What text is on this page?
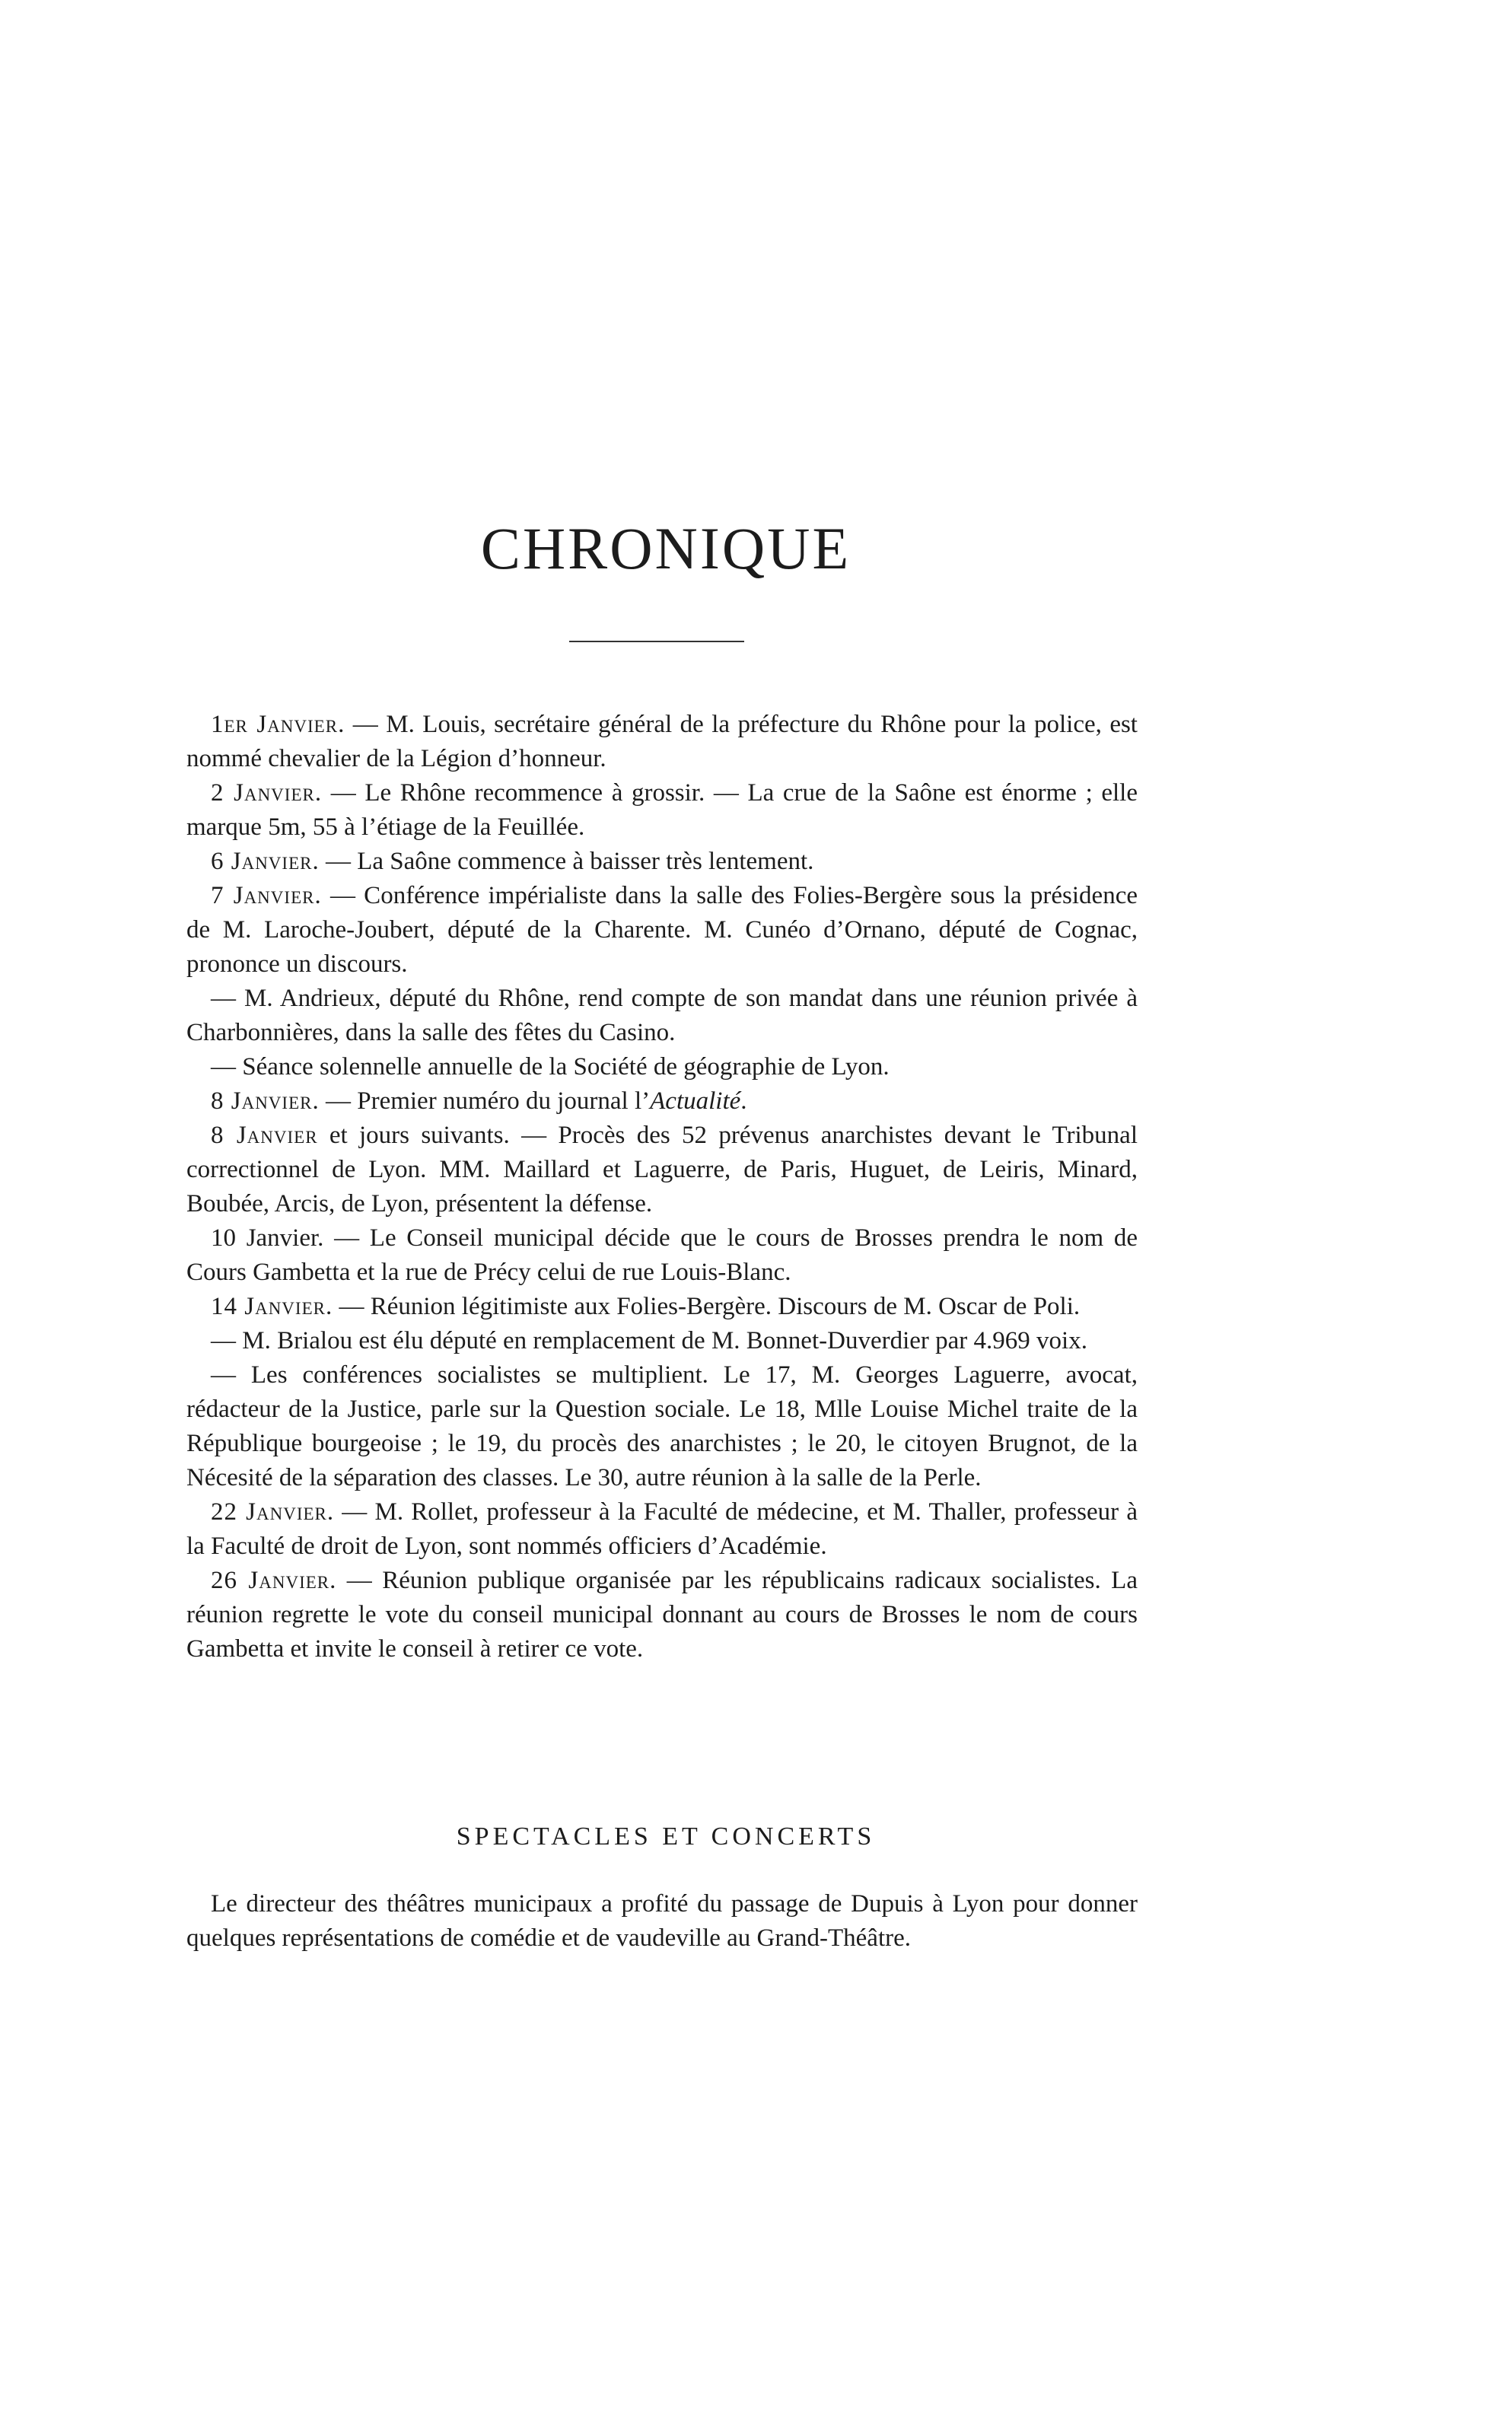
CHRONIQUE

1er Janvier. — M. Louis, secrétaire général de la préfecture du Rhône pour la police, est nommé chevalier de la Légion d’honneur.

2 Janvier. — Le Rhône recommence à grossir. — La crue de la Saône est énorme ; elle marque 5m, 55 à l’étiage de la Feuillée.

6 Janvier. — La Saône commence à baisser très lentement.

7 Janvier. — Conférence impérialiste dans la salle des Folies-Bergère sous la présidence de M. Laroche-Joubert, député de la Charente. M. Cunéo d’Ornano, député de Cognac, prononce un discours.

— M. Andrieux, député du Rhône, rend compte de son mandat dans une réunion privée à Charbonnières, dans la salle des fêtes du Casino.

— Séance solennelle annuelle de la Société de géographie de Lyon.

8 Janvier. — Premier numéro du journal l’Actualité.

8 Janvier et jours suivants. — Procès des 52 prévenus anarchistes devant le Tribunal correctionnel de Lyon. MM. Maillard et Laguerre, de Paris, Huguet, de Leiris, Minard, Boubée, Arcis, de Lyon, présentent la défense.

10 Janvier. — Le Conseil municipal décide que le cours de Brosses prendra le nom de Cours Gambetta et la rue de Précy celui de rue Louis-Blanc.

14 Janvier. — Réunion légitimiste aux Folies-Bergère. Discours de M. Oscar de Poli.

— M. Brialou est élu député en remplacement de M. Bonnet-Duverdier par 4.969 voix.

— Les conférences socialistes se multiplient. Le 17, M. Georges Laguerre, avocat, rédacteur de la Justice, parle sur la Question sociale. Le 18, Mlle Louise Michel traite de la République bourgeoise ; le 19, du procès des anarchistes ; le 20, le citoyen Brugnot, de la Nécesité de la séparation des classes. Le 30, autre réunion à la salle de la Perle.

22 Janvier. — M. Rollet, professeur à la Faculté de médecine, et M. Thaller, professeur à la Faculté de droit de Lyon, sont nommés officiers d’Académie.

26 Janvier. — Réunion publique organisée par les républicains radicaux socialistes. La réunion regrette le vote du conseil municipal donnant au cours de Brosses le nom de cours Gambetta et invite le conseil à retirer ce vote.

SPECTACLES ET CONCERTS

Le directeur des théâtres municipaux a profité du passage de Dupuis à Lyon pour donner quelques représentations de comédie et de vaudeville au Grand-Théâtre.
